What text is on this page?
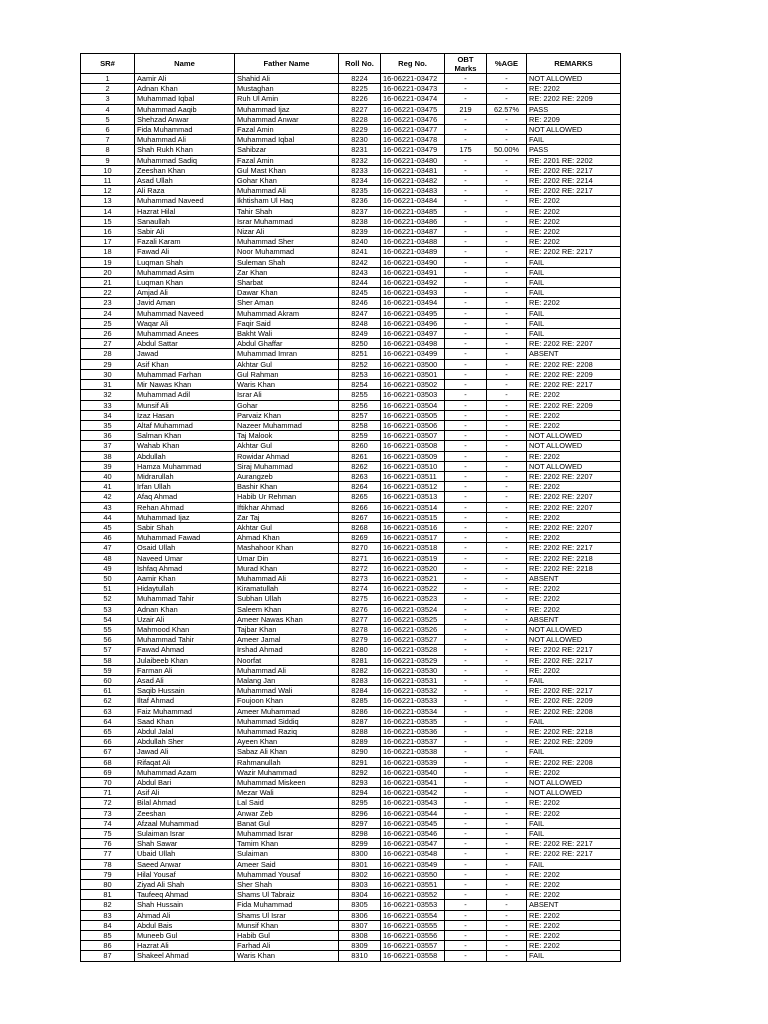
SR#	Name	Father Name	Roll No.	Reg No.	OBT Marks	%AGE	REMARKS
1	Aamir Ali	Shahid Ali	8224	16-06221-03472	-	-	NOT ALLOWED
2	Adnan Khan	Mustaghan	8225	16-06221-03473	-	-	RE: 2202
3	Muhammad Iqbal	Ruh Ul Amin	8226	16-06221-03474	-	-	RE: 2202 RE: 2209
4	Muhammad Aaqib	Muhammad Ijaz	8227	16-06221-03475	219	62.57%	PASS
5	Shehzad Anwar	Muhammad Anwar	8228	16-06221-03476	-	-	RE: 2209
6	Fida Muhammad	Fazal Amin	8229	16-06221-03477	-	-	NOT ALLOWED
7	Muhammad Ali	Muhammad Iqbal	8230	16-06221-03478	-	-	FAIL
8	Shah Rukh Khan	Sahibzar	8231	16-06221-03479	175	50.00%	PASS
9	Muhammad Sadiq	Fazal Amin	8232	16-06221-03480	-	-	RE: 2201 RE: 2202
10	Zeeshan Khan	Gul Mast Khan	8233	16-06221-03481	-	-	RE: 2202 RE: 2217
11	Asad Ullah	Gohar Khan	8234	16-06221-03482	-	-	RE: 2202 RE: 2214
12	Ali Raza	Muhammad Ali	8235	16-06221-03483	-	-	RE: 2202 RE: 2217
13	Muhammad Naveed	Ikhtisham Ul Haq	8236	16-06221-03484	-	-	RE: 2202
14	Hazrat Hilal	Tahir Shah	8237	16-06221-03485	-	-	RE: 2202
15	Sanaullah	Israr Muhammad	8238	16-06221-03486	-	-	RE: 2202
16	Sabir Ali	Nizar Ali	8239	16-06221-03487	-	-	RE: 2202
17	Fazali Karam	Muhammad Sher	8240	16-06221-03488	-	-	RE: 2202
18	Fawad Ali	Noor Muhammad	8241	16-06221-03489	-	-	RE: 2202 RE: 2217
19	Luqman Shah	Suleman Shah	8242	16-06221-03490	-	-	FAIL
20	Muhammad Asim	Zar Khan	8243	16-06221-03491	-	-	FAIL
21	Luqman Khan	Sharbat	8244	16-06221-03492	-	-	FAIL
22	Amjad Ali	Dawar Khan	8245	16-06221-03493	-	-	FAIL
23	Javid Aman	Sher Aman	8246	16-06221-03494	-	-	RE: 2202
24	Muhammad Naveed	Muhammad Akram	8247	16-06221-03495	-	-	FAIL
25	Waqar Ali	Faqir Said	8248	16-06221-03496	-	-	FAIL
26	Muhammad Anees	Bakht Wali	8249	16-06221-03497	-	-	FAIL
27	Abdul Sattar	Abdul Ghaffar	8250	16-06221-03498	-	-	RE: 2202 RE: 2207
28	Jawad	Muhammad Imran	8251	16-06221-03499	-	-	ABSENT
29	Asif Khan	Akhtar Gul	8252	16-06221-03500	-	-	RE: 2202 RE: 2208
30	Muhammad Farhan	Gul Rahman	8253	16-06221-03501	-	-	RE: 2202 RE: 2209
31	Mir Nawas Khan	Waris Khan	8254	16-06221-03502	-	-	RE: 2202 RE: 2217
32	Muhammad Adil	Israr Ali	8255	16-06221-03503	-	-	RE: 2202
33	Munsif Ali	Gohar	8256	16-06221-03504	-	-	RE: 2202 RE: 2209
34	Izaz Hasan	Parvaiz Khan	8257	16-06221-03505	-	-	RE: 2202
35	Altaf Muhammad	Nazeer Muhammad	8258	16-06221-03506	-	-	RE: 2202
36	Salman Khan	Taj Malook	8259	16-06221-03507	-	-	NOT ALLOWED
37	Wahab Khan	Akhtar Gul	8260	16-06221-03508	-	-	NOT ALLOWED
38	Abdullah	Rowidar Ahmad	8261	16-06221-03509	-	-	RE: 2202
39	Hamza Muhammad	Siraj Muhammad	8262	16-06221-03510	-	-	NOT ALLOWED
40	Midrarullah	Aurangzeb	8263	16-06221-03511	-	-	RE: 2202 RE: 2207
41	Irfan Ullah	Bashir Khan	8264	16-06221-03512	-	-	RE: 2202
42	Afaq Ahmad	Habib Ur Rehman	8265	16-06221-03513	-	-	RE: 2202 RE: 2207
43	Rehan Ahmad	Iftikhar Ahmad	8266	16-06221-03514	-	-	RE: 2202 RE: 2207
44	Muhammad Ijaz	Zar Taj	8267	16-06221-03515	-	-	RE: 2202
45	Sabir Shah	Akhtar Gul	8268	16-06221-03516	-	-	RE: 2202 RE: 2207
46	Muhammad Fawad	Ahmad Khan	8269	16-06221-03517	-	-	RE: 2202
47	Osaid Ullah	Mashahoor Khan	8270	16-06221-03518	-	-	RE: 2202 RE: 2217
48	Naveed Umar	Umar Din	8271	16-06221-03519	-	-	RE: 2202 RE: 2218
49	Ishfaq Ahmad	Murad Khan	8272	16-06221-03520	-	-	RE: 2202 RE: 2218
50	Aamir Khan	Muhammad Ali	8273	16-06221-03521	-	-	ABSENT
51	Hidaytullah	Kiramatullah	8274	16-06221-03522	-	-	RE: 2202
52	Muhammad Tahir	Subhan Ullah	8275	16-06221-03523	-	-	RE: 2202
53	Adnan Khan	Saleem Khan	8276	16-06221-03524	-	-	RE: 2202
54	Uzair Ali	Ameer Nawas Khan	8277	16-06221-03525	-	-	ABSENT
55	Mahmood Khan	Tajbar Khan	8278	16-06221-03526	-	-	NOT ALLOWED
56	Muhammad Tahir	Ameer Jamal	8279	16-06221-03527	-	-	NOT ALLOWED
57	Fawad Ahmad	Irshad Ahmad	8280	16-06221-03528	-	-	RE: 2202 RE: 2217
58	Julaibeeb Khan	Noorfat	8281	16-06221-03529	-	-	RE: 2202 RE: 2217
59	Farman Ali	Muhammad Ali	8282	16-06221-03530	-	-	RE: 2202
60	Asad Ali	Malang Jan	8283	16-06221-03531	-	-	FAIL
61	Saqib Hussain	Muhammad Wali	8284	16-06221-03532	-	-	RE: 2202 RE: 2217
62	Iltaf Ahmad	Foujoon Khan	8285	16-06221-03533	-	-	RE: 2202 RE: 2209
63	Faiz Muhammad	Ameer Muhammad	8286	16-06221-03534	-	-	RE: 2202 RE: 2208
64	Saad Khan	Muhammad Siddiq	8287	16-06221-03535	-	-	FAIL
65	Abdul Jalal	Muhammad Raziq	8288	16-06221-03536	-	-	RE: 2202 RE: 2218
66	Abdullah Sher	Ayeen Khan	8289	16-06221-03537	-	-	RE: 2202 RE: 2209
67	Jawad Ali	Sabaz Ali Khan	8290	16-06221-03538	-	-	FAIL
68	Rifaqat Ali	Rahmanullah	8291	16-06221-03539	-	-	RE: 2202 RE: 2208
69	Muhammad Azam	Wazir Muhammad	8292	16-06221-03540	-	-	RE: 2202
70	Abdul Bari	Muhammad Miskeen	8293	16-06221-03541	-	-	NOT ALLOWED
71	Asif Ali	Mezar Wali	8294	16-06221-03542	-	-	NOT ALLOWED
72	Bilal Ahmad	Lal Said	8295	16-06221-03543	-	-	RE: 2202
73	Zeeshan	Anwar Zeb	8296	16-06221-03544	-	-	RE: 2202
74	Afzaal Muhammad	Banat Gul	8297	16-06221-03545	-	-	FAIL
75	Sulaiman Israr	Muhammad Israr	8298	16-06221-03546	-	-	FAIL
76	Shah Sawar	Tamim Khan	8299	16-06221-03547	-	-	RE: 2202 RE: 2217
77	Ubaid Ullah	Sulaiman	8300	16-06221-03548	-	-	RE: 2202 RE: 2217
78	Saeed Anwar	Ameer Said	8301	16-06221-03549	-	-	FAIL
79	Hilal Yousaf	Muhammad Yousaf	8302	16-06221-03550	-	-	RE: 2202
80	Ziyad Ali Shah	Sher Shah	8303	16-06221-03551	-	-	RE: 2202
81	Taufeeq Ahmad	Shams Ul Tabraiz	8304	16-06221-03552	-	-	RE: 2202
82	Shah Hussain	Fida Muhammad	8305	16-06221-03553	-	-	ABSENT
83	Ahmad Ali	Shams Ul Israr	8306	16-06221-03554	-	-	RE: 2202
84	Abdul Bais	Munsif Khan	8307	16-06221-03555	-	-	RE: 2202
85	Muneeb Gul	Habib Gul	8308	16-06221-03556	-	-	RE: 2202
86	Hazrat Ali	Farhad Ali	8309	16-06221-03557	-	-	RE: 2202
87	Shakeel Ahmad	Waris Khan	8310	16-06221-03558	-	-	FAIL
